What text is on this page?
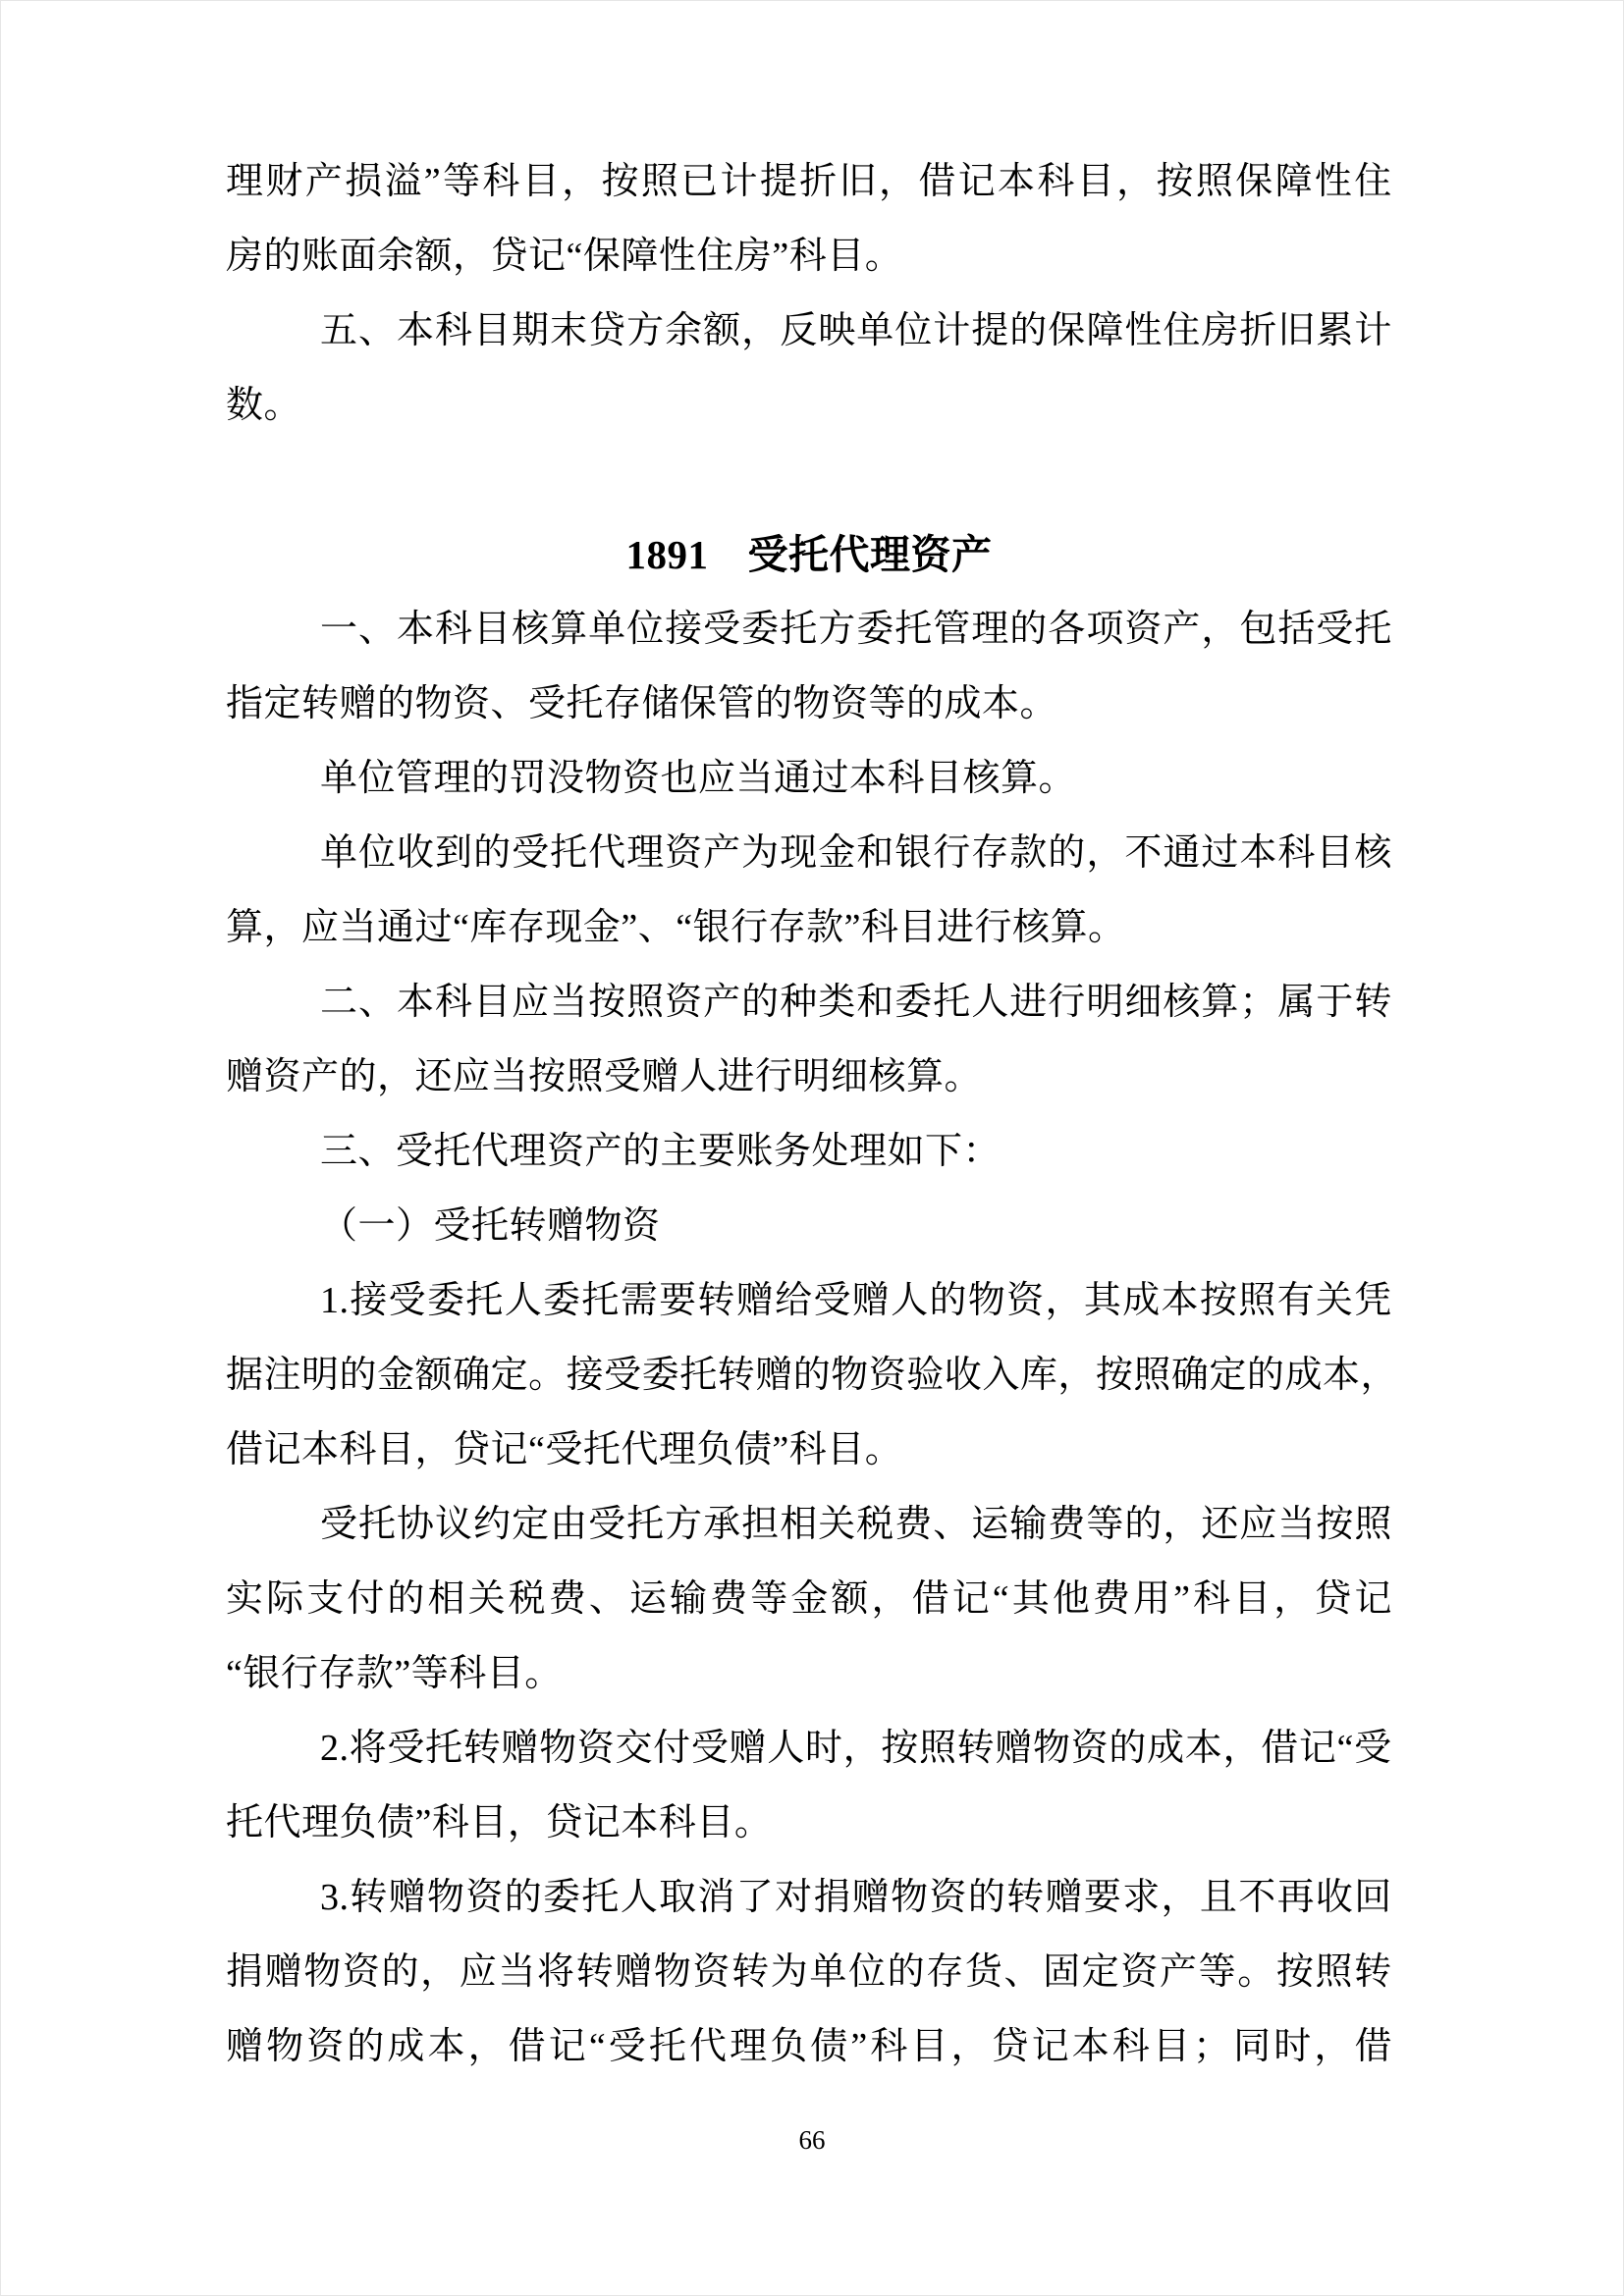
理 财 产 损 溢 ” 等 科 目 ， 按 照 已 计 提 折 旧 ， 借 记 本 科 目 ， 按 照 保 障 性 住
房的账面余额，贷记“保障性住房”科目。
五 、 本 科 目 期 末 贷 方 余 额 ， 反 映 单 位 计 提 的 保 障 性 住 房 折 旧 累 计
数。
1891 受托代理资产
一 、 本 科 目 核 算 单 位 接 受 委 托 方 委 托 管 理 的 各 项 资 产 ， 包 括 受 托
指定转赠的物资、受托存储保管的物资等的成本。
单位管理的罚没物资也应当通过本科目核算。
单 位 收 到 的 受 托 代 理 资 产 为 现 金 和 银 行 存 款 的 ， 不 通 过 本 科 目 核
算，应当通过“库存现金”、“银行存款”科目进行核算。
二 、 本 科 目 应 当 按 照 资 产 的 种 类 和 委 托 人 进 行 明 细 核 算 ； 属 于 转
赠资产的，还应当按照受赠人进行明细核算。
三、受托代理资产的主要账务处理如下：
（一）受托转赠物资
1. 接 受 委 托 人 委 托 需 要 转 赠 给 受 赠 人 的 物 资 ， 其 成 本 按 照 有 关 凭
据 注 明 的 金 额 确 定 。 接 受 委 托 转 赠 的 物 资 验 收 入 库 ， 按 照 确 定 的 成 本 ，
借记本科目，贷记“受托代理负债”科目。
受 托 协 议 约 定 由 受 托 方 承 担 相 关 税 费 、 运 输 费 等 的 ， 还 应 当 按 照
实 际 支 付 的 相 关 税 费 、 运 输 费 等 金 额 ， 借 记 “ 其 他 费 用 ” 科 目 ， 贷 记
“银行存款”等科目。
2. 将 受 托 转 赠 物 资 交 付 受 赠 人 时 ， 按 照 转 赠 物 资 的 成 本 ， 借 记 “ 受
托代理负债”科目，贷记本科目。
3. 转 赠 物 资 的 委 托 人 取 消 了 对 捐 赠 物 资 的 转 赠 要 求 ， 且 不 再 收 回
捐 赠 物 资 的 ， 应 当 将 转 赠 物 资 转 为 单 位 的 存 货 、 固 定 资 产 等 。 按 照 转
赠 物 资 的 成 本 ， 借 记 “ 受 托 代 理 负 债 ” 科 目 ， 贷 记 本 科 目 ； 同 时 ， 借
66
